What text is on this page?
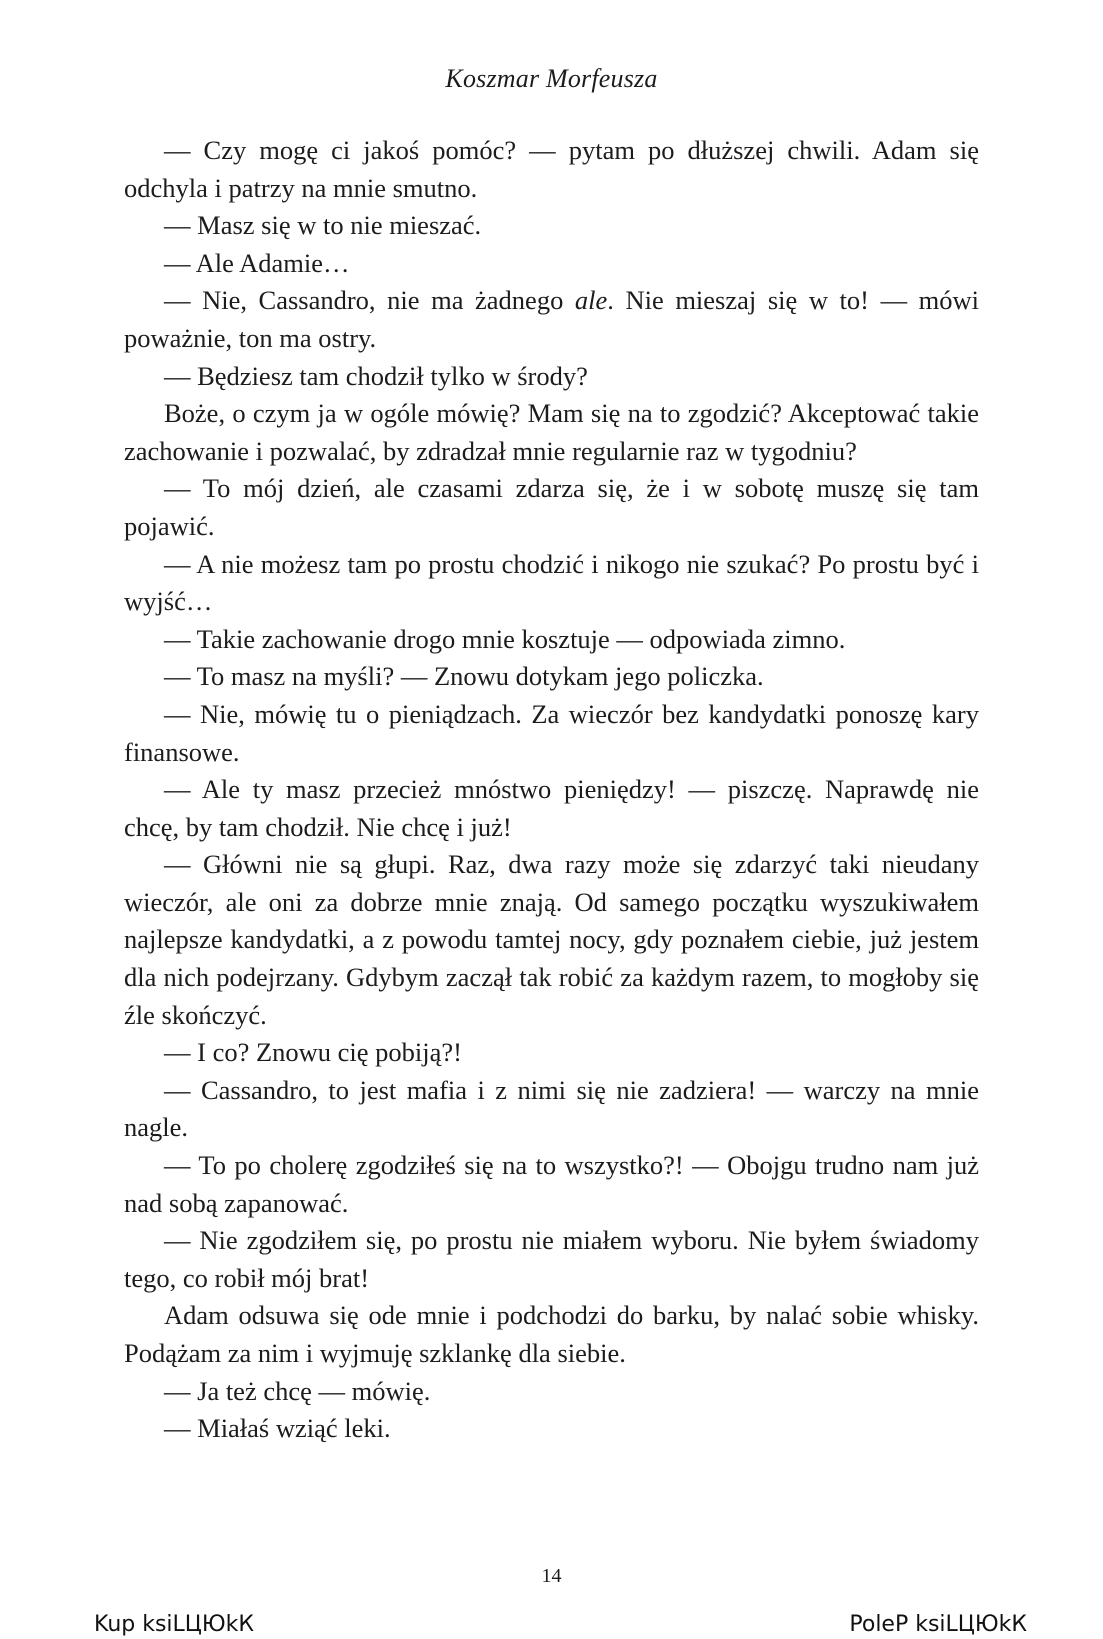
Koszmar Morfeusza

— Czy mogę ci jakoś pomóc? — pytam po dłuższej chwili. Adam się odchyla i patrzy na mnie smutno.

— Masz się w to nie mieszać.

— Ale Adamie…

— Nie, Cassandro, nie ma żadnego ale. Nie mieszaj się w to! — mówi poważnie, ton ma ostry.

— Będziesz tam chodził tylko w środy?

Boże, o czym ja w ogóle mówię? Mam się na to zgodzić? Akceptować takie zachowanie i pozwalać, by zdradzał mnie regularnie raz w tygodniu?

— To mój dzień, ale czasami zdarza się, że i w sobotę muszę się tam pojawić.

— A nie możesz tam po prostu chodzić i nikogo nie szukać? Po prostu być i wyjść…

— Takie zachowanie drogo mnie kosztuje — odpowiada zimno.

— To masz na myśli? — Znowu dotykam jego policzka.

— Nie, mówię tu o pieniądzach. Za wieczór bez kandydatki ponoszę kary finansowe.

— Ale ty masz przecież mnóstwo pieniędzy! — piszczę. Naprawdę nie chcę, by tam chodził. Nie chcę i już!

— Główni nie są głupi. Raz, dwa razy może się zdarzyć taki nieudany wieczór, ale oni za dobrze mnie znają. Od samego początku wyszukiwałem najlepsze kandydatki, a z powodu tamtej nocy, gdy poznałem ciebie, już jestem dla nich podejrzany. Gdybym zaczął tak robić za każdym razem, to mogłoby się źle skończyć.

— I co? Znowu cię pobiją?!

— Cassandro, to jest mafia i z nimi się nie zadziera! — warczy na mnie nagle.

— To po cholerę zgodziłeś się na to wszystko?! — Obojgu trudno nam już nad sobą zapanować.

— Nie zgodziłem się, po prostu nie miałem wyboru. Nie byłem świadomy tego, co robił mój brat!

Adam odsuwa się ode mnie i podchodzi do barku, by nalać sobie whisky. Podążam za nim i wyjmuję szklankę dla siebie.

— Ja też chcę — mówię.

— Miałaś wziąć leki.

14
Kup ksiLЦЮkК	PoleР ksiLЦЮkК
